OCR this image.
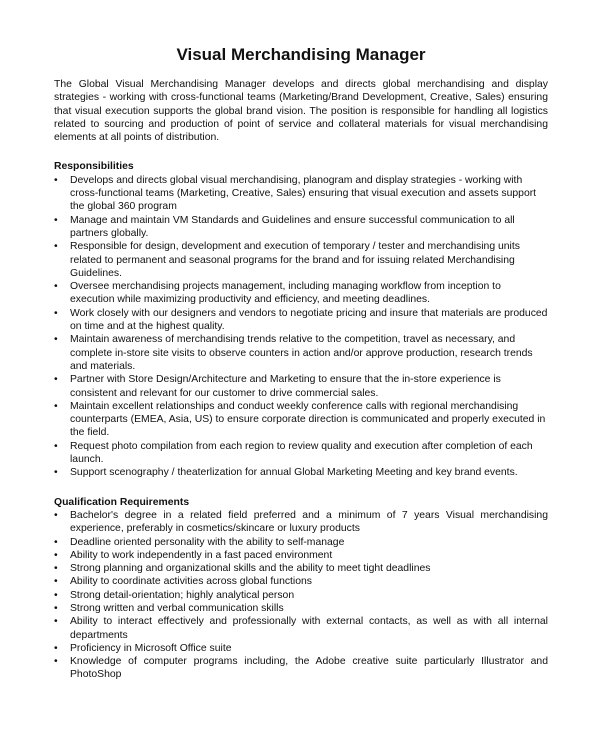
Visual Merchandising Manager

The Global Visual Merchandising Manager develops and directs global merchandising and display strategies - working with cross-functional teams (Marketing/Brand Development, Creative, Sales) ensuring that visual execution supports the global brand vision. The position is responsible for handling all logistics related to sourcing and production of point of service and collateral materials for visual merchandising elements at all points of distribution.

Responsibilities
• Develops and directs global visual merchandising, planogram and display strategies - working with cross-functional teams (Marketing, Creative, Sales) ensuring that visual execution and assets support the global 360 program
• Manage and maintain VM Standards and Guidelines and ensure successful communication to all partners globally.
• Responsible for design, development and execution of temporary / tester and merchandising units related to permanent and seasonal programs for the brand and for issuing related Merchandising Guidelines.
• Oversee merchandising projects management, including managing workflow from inception to execution while maximizing productivity and efficiency, and meeting deadlines.
• Work closely with our designers and vendors to negotiate pricing and insure that materials are produced on time and at the highest quality.
• Maintain awareness of merchandising trends relative to the competition, travel as necessary, and complete in-store site visits to observe counters in action and/or approve production, research trends and materials.
• Partner with Store Design/Architecture and Marketing to ensure that the in-store experience is consistent and relevant for our customer to drive commercial sales.
• Maintain excellent relationships and conduct weekly conference calls with regional merchandising counterparts (EMEA, Asia, US) to ensure corporate direction is communicated and properly executed in the field.
• Request photo compilation from each region to review quality and execution after completion of each launch.
• Support scenography / theaterlization for annual Global Marketing Meeting and key brand events.
Qualification Requirements
• Bachelor's degree in a related field preferred and a minimum of 7 years Visual merchandising experience, preferably in cosmetics/skincare or luxury products
• Deadline oriented personality with the ability to self-manage
• Ability to work independently in a fast paced environment
• Strong planning and organizational skills and the ability to meet tight deadlines
• Ability to coordinate activities across global functions
• Strong detail-orientation; highly analytical person
• Strong written and verbal communication skills
• Ability to interact effectively and professionally with external contacts, as well as with all internal departments
• Proficiency in Microsoft Office suite
• Knowledge of computer programs including, the Adobe creative suite particularly Illustrator and PhotoShop
